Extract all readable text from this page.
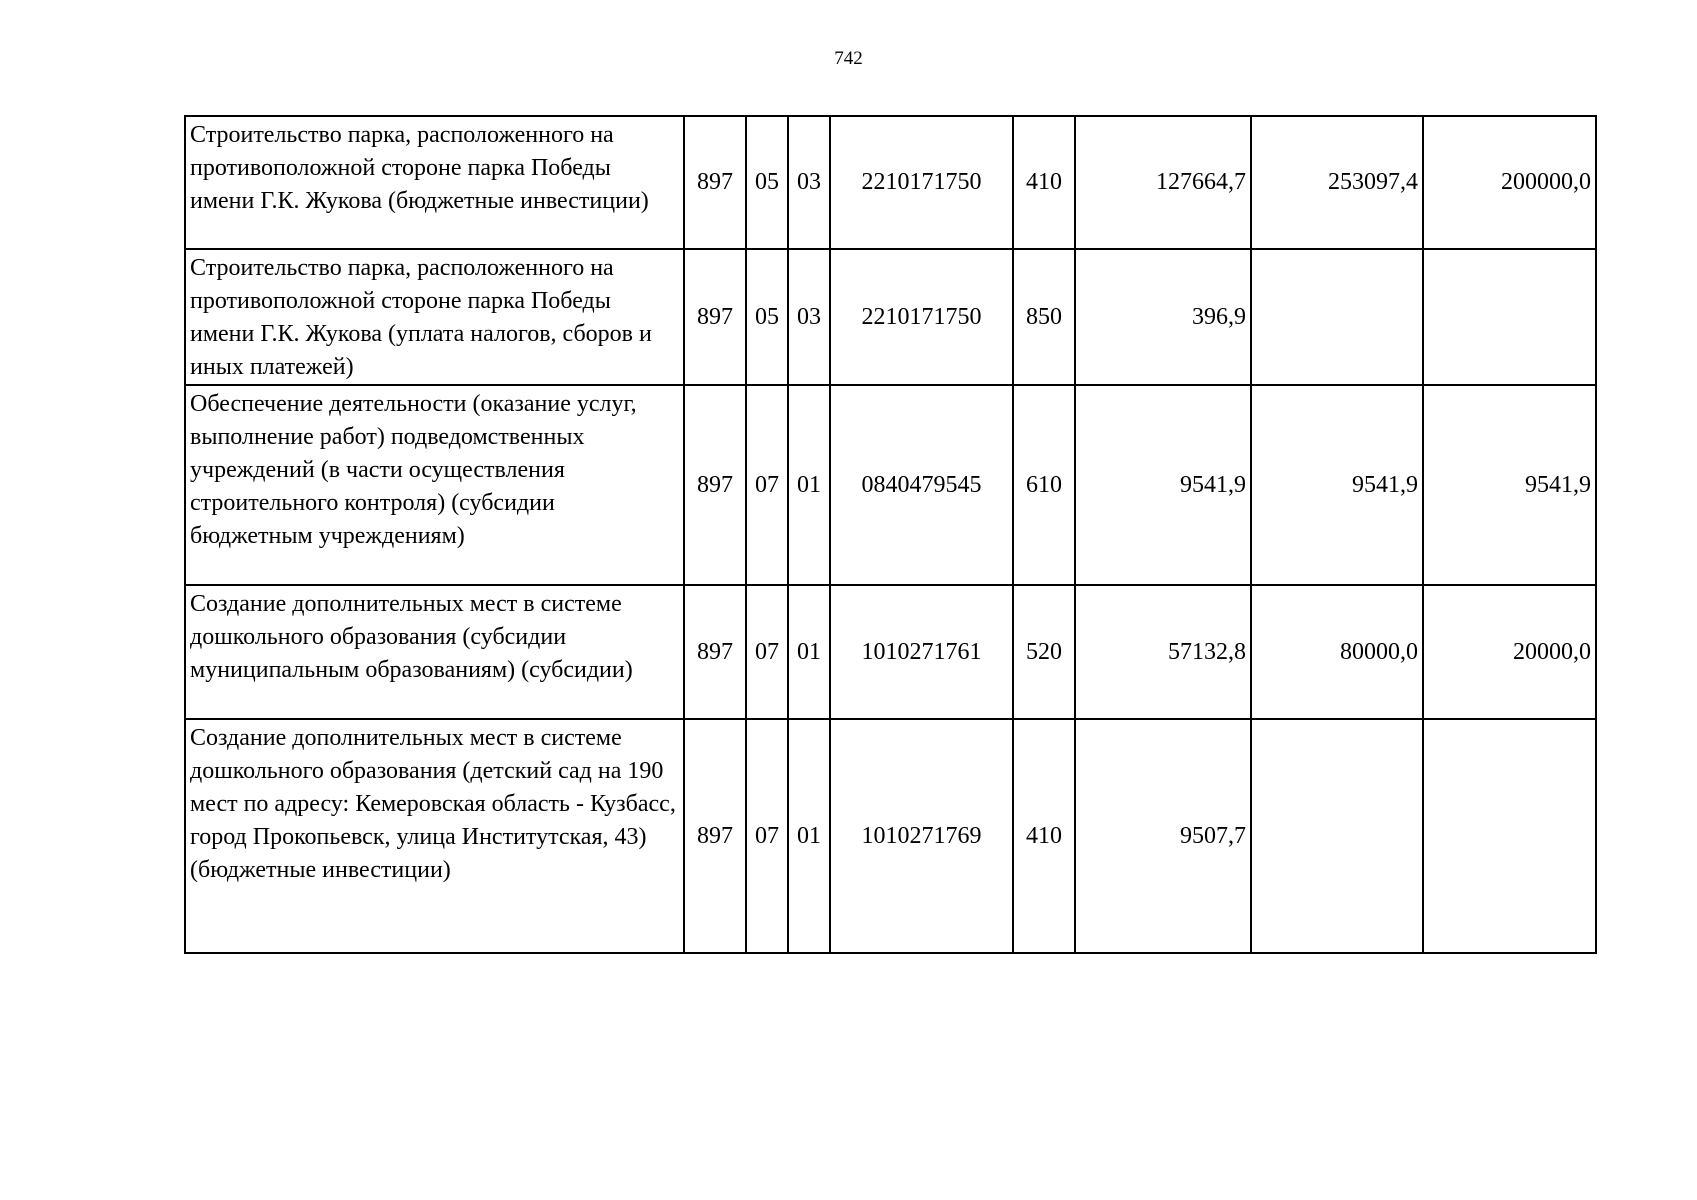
742
Строительство парка, расположенного на противоположной стороне парка Победы имени Г.К. Жукова (бюджетные инвестиции)	897	05	03	2210171750	410	127664,7	253097,4	200000,0
Строительство парка, расположенного на противоположной стороне парка Победы имени Г.К. Жукова (уплата налогов, сборов и иных платежей)	897	05	03	2210171750	850	396,9		
Обеспечение деятельности (оказание услуг, выполнение работ) подведомственных учреждений (в части осуществления строительного контроля) (субсидии бюджетным учреждениям)	897	07	01	0840479545	610	9541,9	9541,9	9541,9
Создание дополнительных мест в системе дошкольного образования (субсидии муниципальным образованиям) (субсидии)	897	07	01	1010271761	520	57132,8	80000,0	20000,0
Создание дополнительных мест в системе дошкольного образования (детский сад на 190 мест по адресу: Кемеровская область - Кузбасс, город Прокопьевск, улица Институтская, 43) (бюджетные инвестиции)	897	07	01	1010271769	410	9507,7		
